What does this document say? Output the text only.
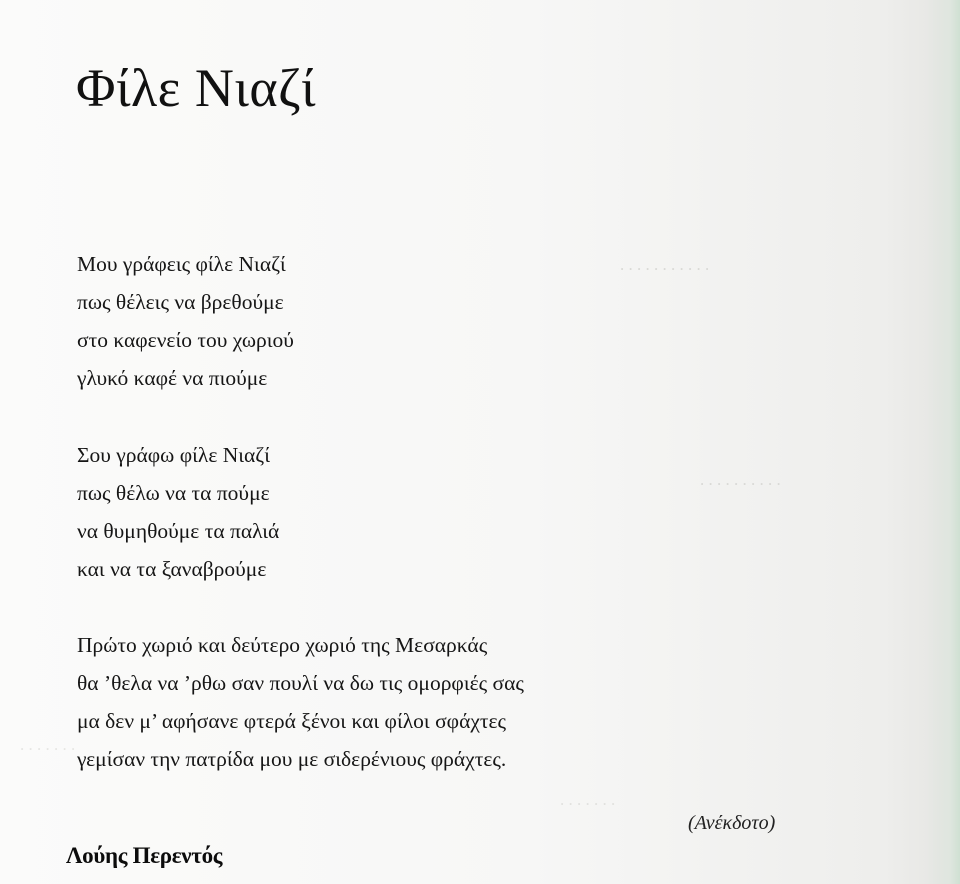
. . . . . . . . . . .
. . . . . . . . . .
. . . . . . .
. . . . . . .
Φίλε Νιαζί
Μου γράφεις φίλε Νιαζί
πως θέλεις να βρεθούμε
στο καφενείο του χωριού
γλυκό καφέ να πιούμε
Σου γράφω φίλε Νιαζί
πως θέλω να τα πούμε
να θυμηθούμε τα παλιά
και να τα ξαναβρούμε
Πρώτο χωριό και δεύτερο χωριό της Μεσαρκάς
θα ’θελα να ’ρθω σαν πουλί να δω τις ομορφιές σας
μα δεν μ’ αφήσανε φτερά ξένοι και φίλοι σφάχτες
γεμίσαν την πατρίδα μου με σιδερένιους φράχτες.
(Ανέκδοτο)
Λούης Περεντός
